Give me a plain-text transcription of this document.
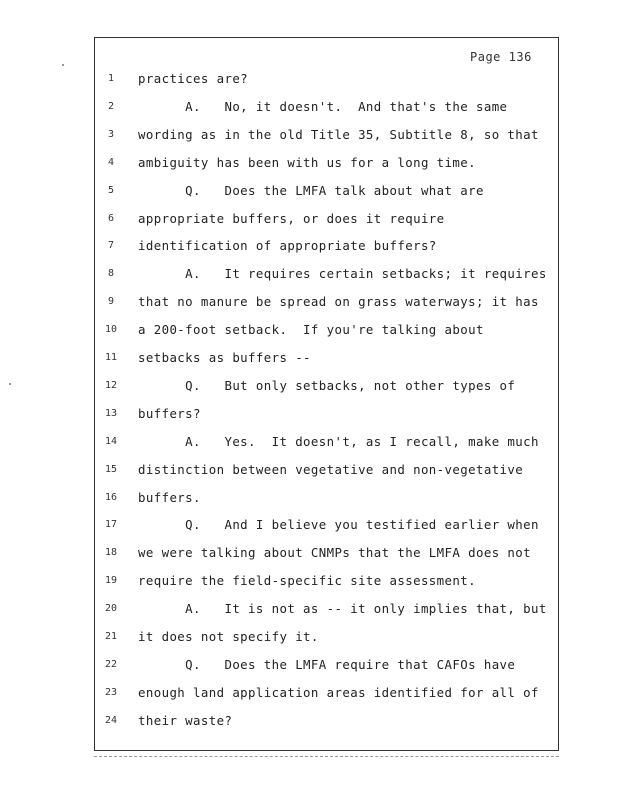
Page 136
1	practices are?
2	A.   No, it doesn't.  And that's the same
3	wording as in the old Title 35, Subtitle 8, so that
4	ambiguity has been with us for a long time.
5	Q.   Does the LMFA talk about what are
6	appropriate buffers, or does it require
7	identification of appropriate buffers?
8	A.   It requires certain setbacks; it requires
9	that no manure be spread on grass waterways; it has
10	a 200-foot setback.  If you're talking about
11	setbacks as buffers --
12	Q.   But only setbacks, not other types of
13	buffers?
14	A.   Yes.  It doesn't, as I recall, make much
15	distinction between vegetative and non-vegetative
16	buffers.
17	Q.   And I believe you testified earlier when
18	we were talking about CNMPs that the LMFA does not
19	require the field-specific site assessment.
20	A.   It is not as -- it only implies that, but
21	it does not specify it.
22	Q.   Does the LMFA require that CAFOs have
23	enough land application areas identified for all of
24	their waste?
